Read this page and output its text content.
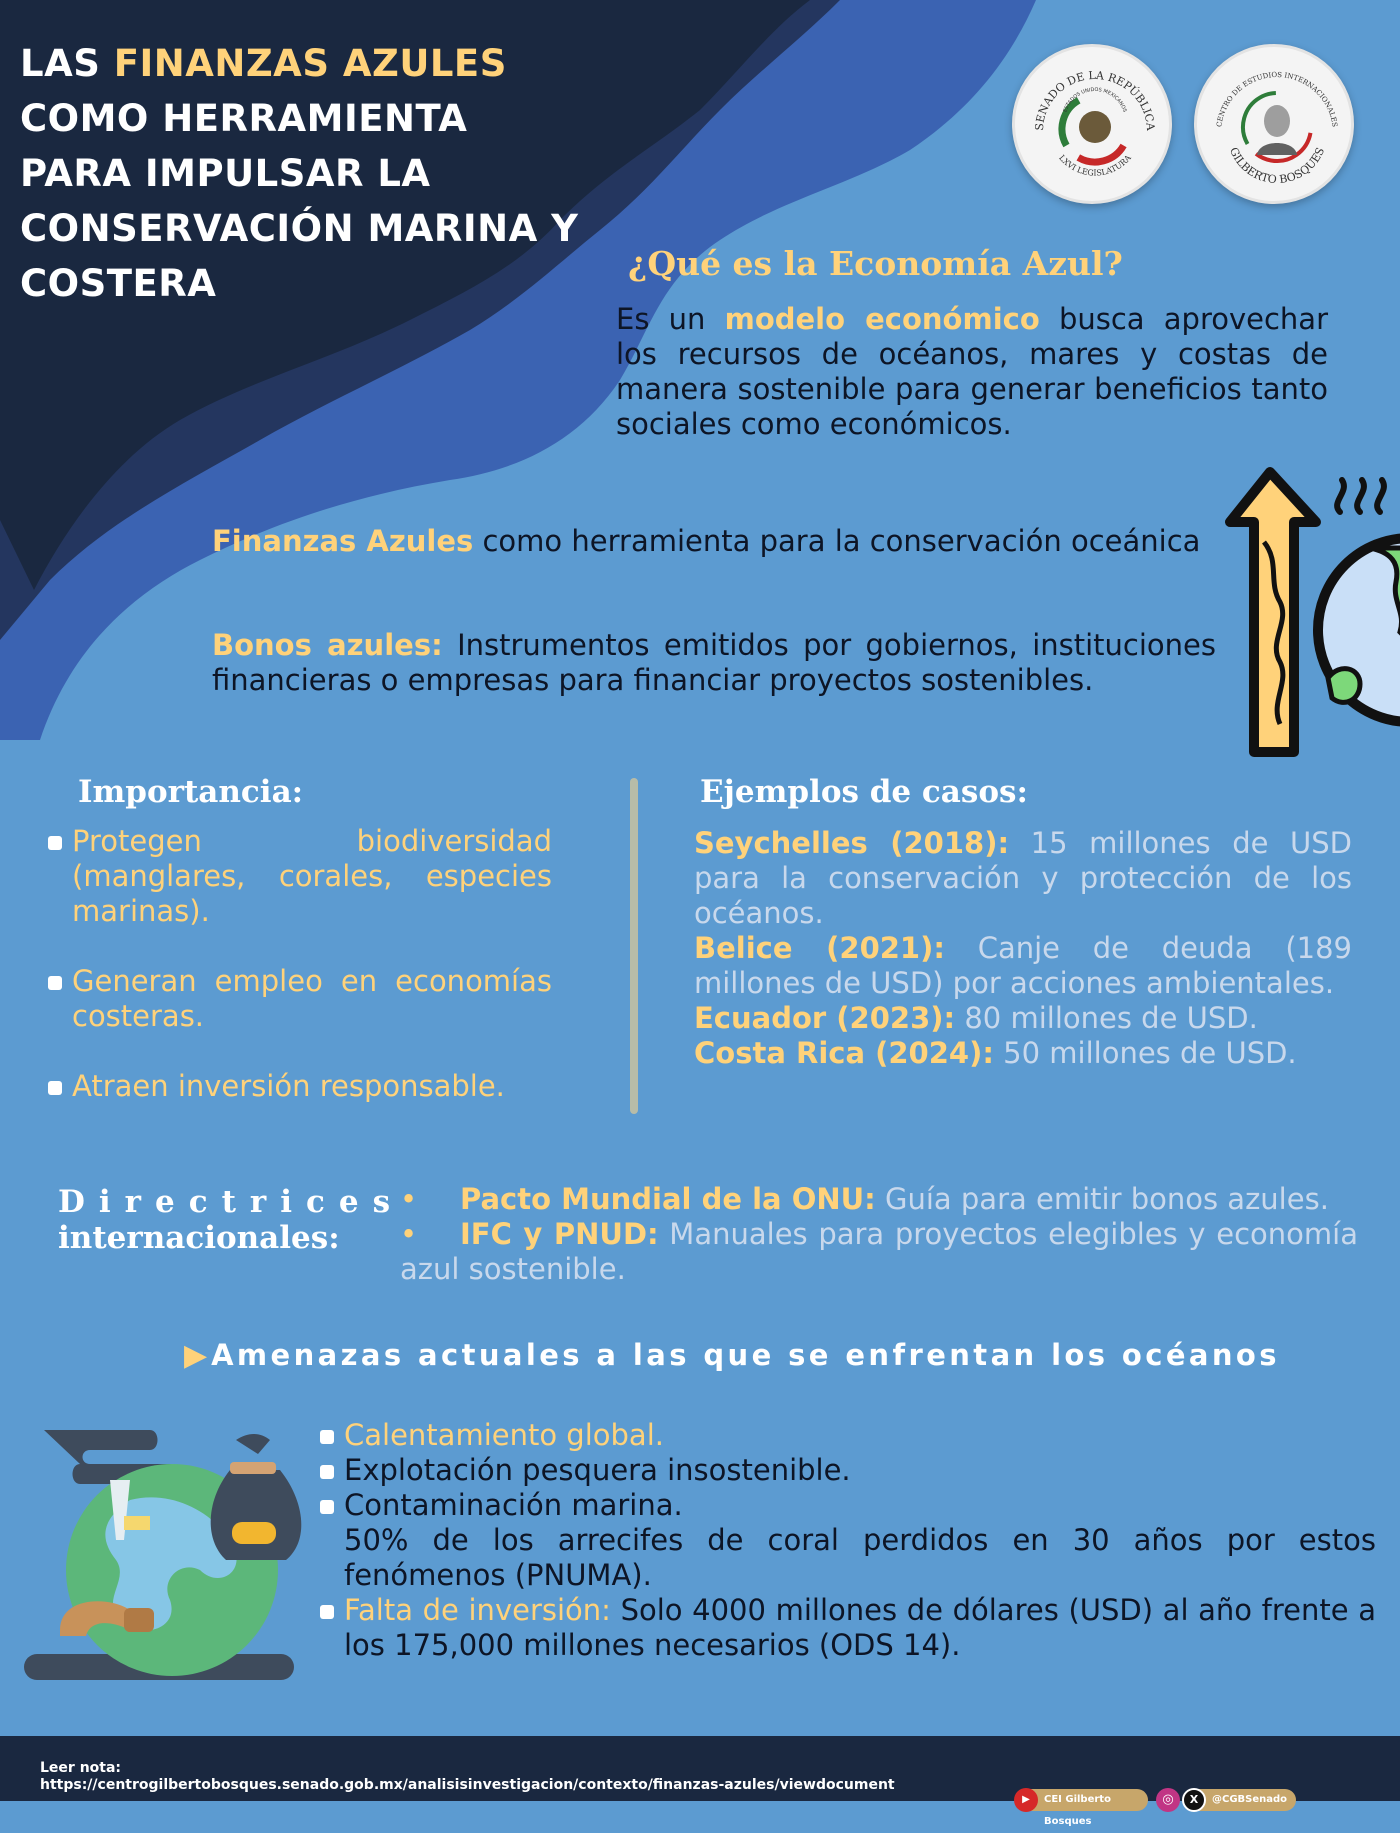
LAS FINANZAS AZULES
COMO HERRAMIENTA PARA IMPULSAR LA CONSERVACIÓN MARINA Y COSTERA
SENADO DE LA REPÚBLICA
LXVI LEGISLATURA
ESTADOS UNIDOS MEXICANOS
CENTRO DE ESTUDIOS INTERNACIONALES
GILBERTO BOSQUES
¿Qué es la Economía Azul?
Es un modelo económico busca aprovechar los recursos de océanos, mares y costas de manera sostenible para generar beneficios tanto sociales como económicos.
Finanzas Azules como herramienta para la conservación oceánica
Bonos azules: Instrumentos emitidos por gobiernos, instituciones financieras o empresas para financiar proyectos sostenibles.
Importancia:
Protegen biodiversidad (manglares, corales, especies marinas).
Generan empleo en economías costeras.
Atraen inversión responsable.
Ejemplos de casos:
Seychelles (2018): 15 millones de USD para la conservación y protección de los océanos.
Belice (2021): Canje de deuda (189 millones de USD) por acciones ambientales.
Ecuador (2023): 80 millones de USD.
Costa Rica (2024): 50 millones de USD.
Directrices
internacionales:
• Pacto Mundial de la ONU: Guía para emitir bonos azules.
• IFC y PNUD: Manuales para proyectos elegibles y economía azul sostenible.
▶ Amenazas actuales a las que se enfrentan los océanos
Calentamiento global.
Explotación pesquera insostenible.
Contaminación marina.
50% de los arrecifes de coral perdidos en 30 años por estos fenómenos (PNUMA).
Falta de inversión: Solo 4000 millones de dólares (USD) al año frente a los 175,000 millones necesarios (ODS 14).
Leer nota:
https://centrogilbertobosques.senado.gob.mx/analisisinvestigacion/contexto/finanzas-azules/viewdocument
▶	CEI Gilberto Bosques
◎	X	@CGBSenado
